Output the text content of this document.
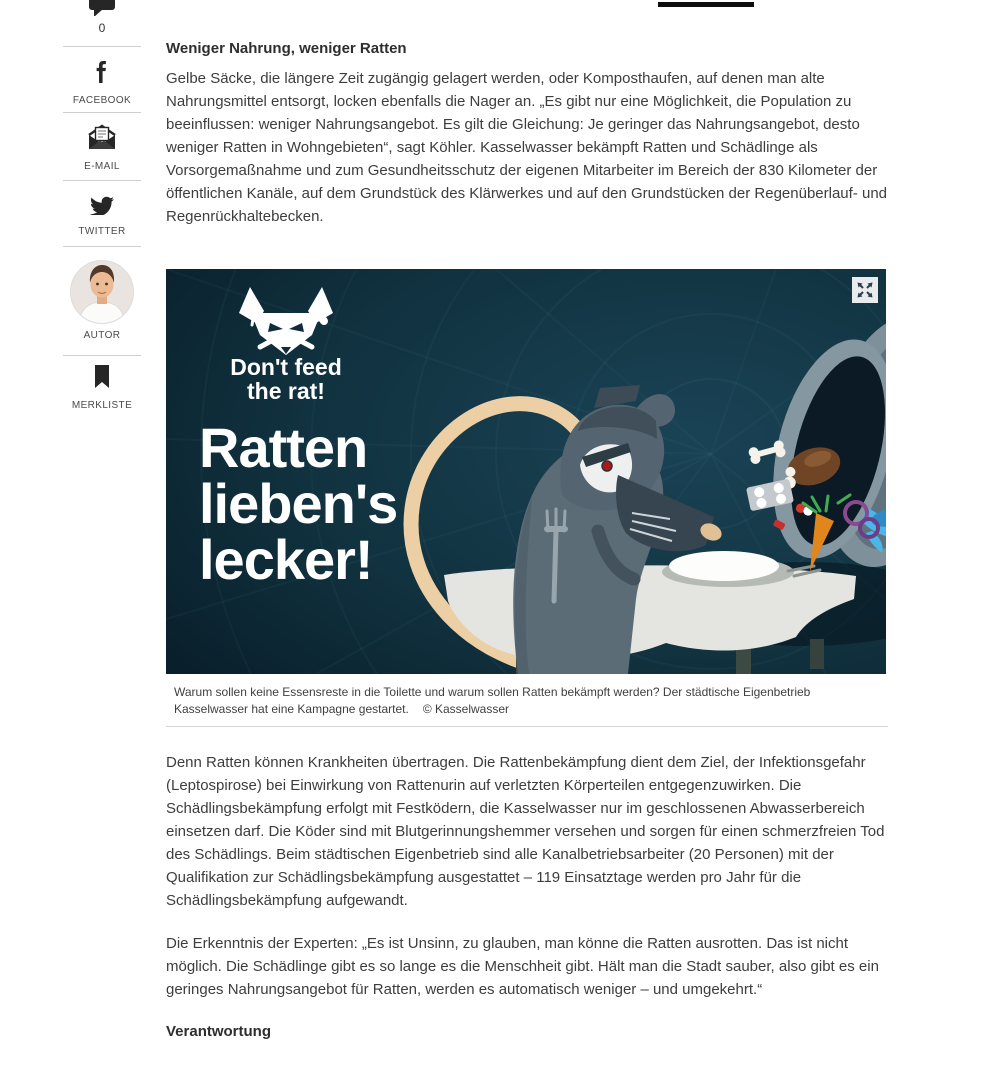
0
FACEBOOK
E-MAIL
TWITTER
AUTOR
MERKLISTE
Weniger Nahrung, weniger Ratten

Gelbe Säcke, die längere Zeit zugängig gelagert werden, oder Komposthaufen, auf denen man alte Nahrungsmittel entsorgt, locken ebenfalls die Nager an. „Es gibt nur eine Möglichkeit, die Population zu beeinflussen: weniger Nahrungsangebot. Es gilt die Gleichung: Je geringer das Nahrungsangebot, desto weniger Ratten in Wohngebieten“, sagt Köhler. Kasselwasser bekämpft Ratten und Schädlinge als Vorsorgemaßnahme und zum Gesundheitsschutz der eigenen Mitarbeiter im Bereich der 830 Kilometer der öffentlichen Kanäle, auf dem Grundstück des Klärwerkes und auf den Grundstücken der Regenüberlauf- und Regenrückhaltebecken.

Don't feed
the rat!
Ratten
lieben's
lecker!
Warum sollen keine Essensreste in die Toilette und warum sollen Ratten bekämpft werden? Der städtische Eigenbetrieb Kasselwasser hat eine Kampagne gestartet. © Kasselwasser

Denn Ratten können Krankheiten übertragen. Die Rattenbekämpfung dient dem Ziel, der Infektionsgefahr (Leptospirose) bei Einwirkung von Rattenurin auf verletzten Körperteilen entgegenzuwirken. Die Schädlingsbekämpfung erfolgt mit Festködern, die Kasselwasser nur im geschlossenen Abwasserbereich einsetzen darf. Die Köder sind mit Blutgerinnungshemmer versehen und sorgen für einen schmerzfreien Tod des Schädlings. Beim städtischen Eigenbetrieb sind alle Kanalbetriebsarbeiter (20 Personen) mit der Qualifikation zur Schädlingsbekämpfung ausgestattet – 119 Einsatztage werden pro Jahr für die Schädlingsbekämpfung aufgewandt.

Die Erkenntnis der Experten: „Es ist Unsinn, zu glauben, man könne die Ratten ausrotten. Das ist nicht möglich. Die Schädlinge gibt es so lange es die Menschheit gibt. Hält man die Stadt sauber, also gibt es ein geringes Nahrungsangebot für Ratten, werden es automatisch weniger – und umgekehrt.“

Verantwortung
